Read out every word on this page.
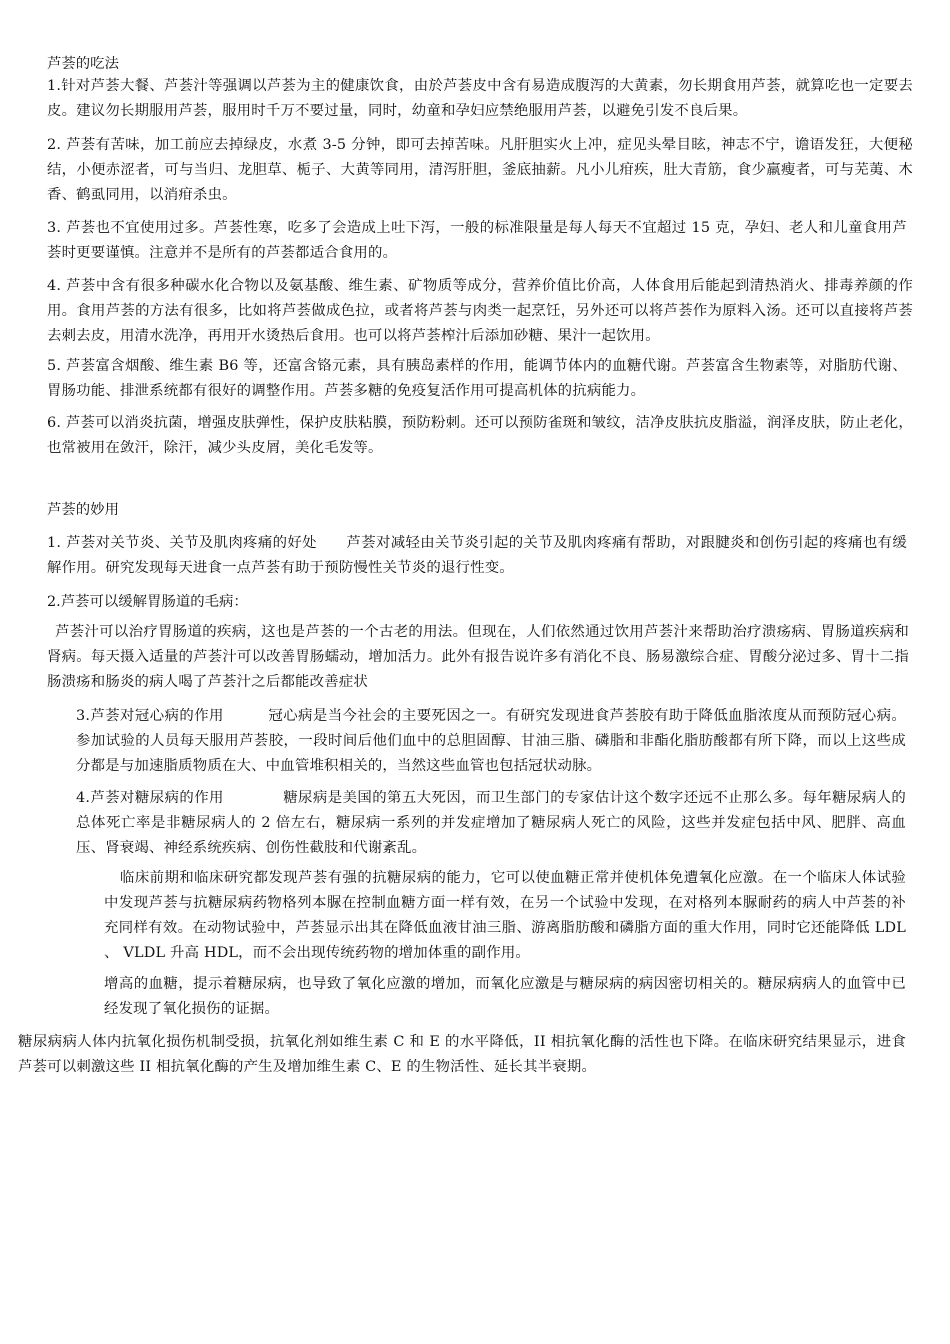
芦荟的吃法

1.针对芦荟大餐、芦荟汁等强调以芦荟为主的健康饮食，由於芦荟皮中含有易造成腹泻的大黄素，勿长期食用芦荟，就算吃也一定要去皮。建议勿长期服用芦荟，服用时千万不要过量，同时，幼童和孕妇应禁绝服用芦荟，以避免引发不良后果。

2. 芦荟有苦味，加工前应去掉绿皮，水煮 3-5 分钟，即可去掉苦味。凡肝胆实火上冲，症见头晕目眩，神志不宁，谵语发狂，大便秘结，小便赤涩者，可与当归、龙胆草、栀子、大黄等同用，清泻肝胆，釜底抽薪。凡小儿疳疾，肚大青筋，食少羸瘦者，可与芜荑、木香、鹤虱同用，以消疳杀虫。

3. 芦荟也不宜使用过多。芦荟性寒，吃多了会造成上吐下泻，一般的标准限量是每人每天不宜超过 15 克，孕妇、老人和儿童食用芦荟时更要谨慎。注意并不是所有的芦荟都适合食用的。

4. 芦荟中含有很多种碳水化合物以及氨基酸、维生素、矿物质等成分，营养价值比价高，人体食用后能起到清热消火、排毒养颜的作用。食用芦荟的方法有很多，比如将芦荟做成色拉，或者将芦荟与肉类一起烹饪，另外还可以将芦荟作为原料入汤。还可以直接将芦荟去刺去皮，用清水洗净，再用开水烫热后食用。也可以将芦荟榨汁后添加砂糖、果汁一起饮用。

5. 芦荟富含烟酸、维生素 B6 等，还富含铬元素，具有胰岛素样的作用，能调节体内的血糖代谢。芦荟富含生物素等，对脂肪代谢、胃肠功能、排泄系统都有很好的调整作用。芦荟多糖的免疫复活作用可提高机体的抗病能力。

6. 芦荟可以消炎抗菌，增强皮肤弹性，保护皮肤粘膜，预防粉刺。还可以预防雀斑和皱纹，洁净皮肤抗皮脂溢，润泽皮肤，防止老化，也常被用在敛汗，除汗，减少头皮屑，美化毛发等。

芦荟的妙用

1. 芦荟对关节炎、关节及肌肉疼痛的好处　　芦荟对减轻由关节炎引起的关节及肌肉疼痛有帮助，对跟腱炎和创伤引起的疼痛也有缓解作用。研究发现每天进食一点芦荟有助于预防慢性关节炎的退行性变。

2.芦荟可以缓解胃肠道的毛病：

芦荟汁可以治疗胃肠道的疾病，这也是芦荟的一个古老的用法。但现在，人们依然通过饮用芦荟汁来帮助治疗溃疡病、胃肠道疾病和肾病。每天摄入适量的芦荟汁可以改善胃肠蠕动，增加活力。此外有报告说许多有消化不良、肠易激综合症、胃酸分泌过多、胃十二指肠溃疡和肠炎的病人喝了芦荟汁之后都能改善症状

3.芦荟对冠心病的作用　　　冠心病是当今社会的主要死因之一。有研究发现进食芦荟胶有助于降低血脂浓度从而预防冠心病。参加试验的人员每天服用芦荟胶，一段时间后他们血中的总胆固醇、甘油三脂、磷脂和非酯化脂肪酸都有所下降，而以上这些成分都是与加速脂质物质在大、中血管堆积相关的，当然这些血管也包括冠状动脉。

4.芦荟对糖尿病的作用　　　　糖尿病是美国的第五大死因，而卫生部门的专家估计这个数字还远不止那么多。每年糖尿病人的总体死亡率是非糖尿病人的 2 倍左右，糖尿病一系列的并发症增加了糖尿病人死亡的风险，这些并发症包括中风、肥胖、高血压、肾衰竭、神经系统疾病、创伤性截肢和代谢紊乱。

临床前期和临床研究都发现芦荟有强的抗糖尿病的能力，它可以使血糖正常并使机体免遭氧化应激。在一个临床人体试验中发现芦荟与抗糖尿病药物格列本脲在控制血糖方面一样有效，在另一个试验中发现，在对格列本脲耐药的病人中芦荟的补充同样有效。在动物试验中，芦荟显示出其在降低血液甘油三脂、游离脂肪酸和磷脂方面的重大作用，同时它还能降低 LDL 、 VLDL 升高 HDL，而不会出现传统药物的增加体重的副作用。

增高的血糖，提示着糖尿病，也导致了氧化应激的增加，而氧化应激是与糖尿病的病因密切相关的。糖尿病病人的血管中已经发现了氧化损伤的证据。

糖尿病病人体内抗氧化损伤机制受损，抗氧化剂如维生素 C 和 E 的水平降低，II 相抗氧化酶的活性也下降。在临床研究结果显示，进食芦荟可以刺激这些 II 相抗氧化酶的产生及增加维生素 C、E 的生物活性、延长其半衰期。
